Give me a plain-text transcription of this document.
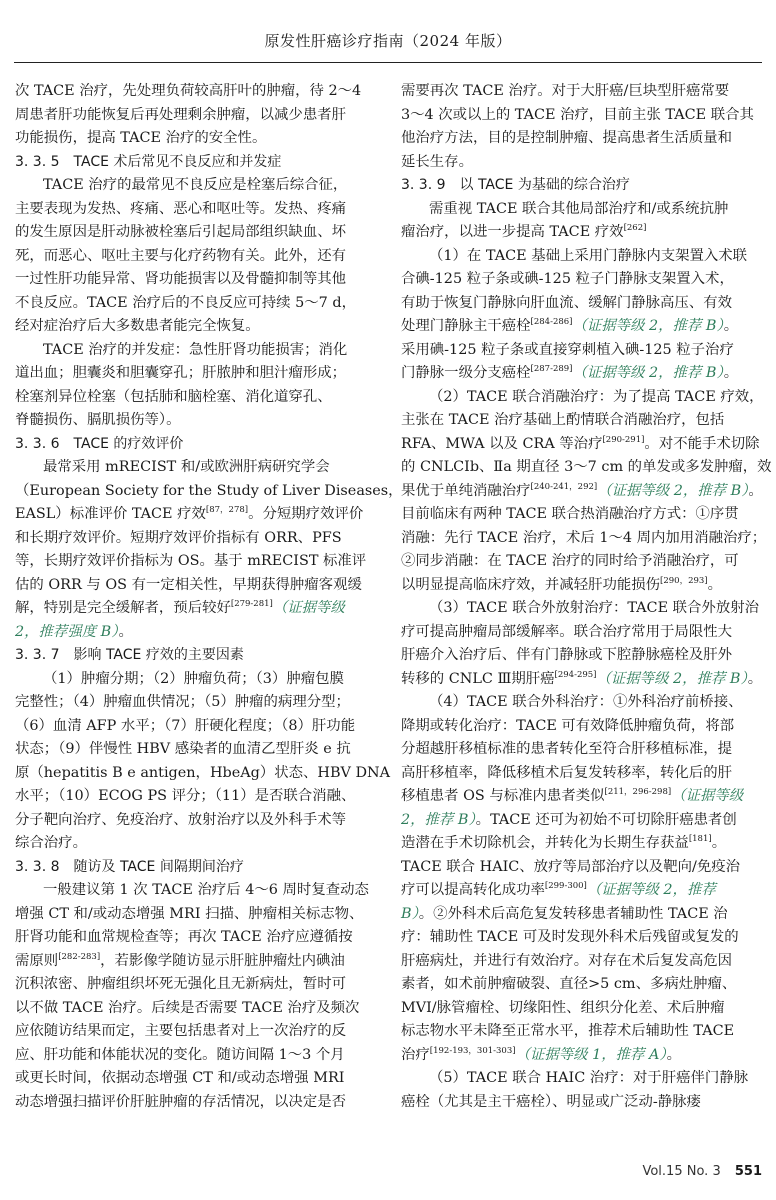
原发性肝癌诊疗指南（2024 年版）
次 TACE 治疗，先处理负荷较高肝叶的肿瘤，待 2～4
周患者肝功能恢复后再处理剩余肿瘤，以减少患者肝
功能损伤，提高 TACE 治疗的安全性。
3. 3. 5　TACE 术后常见不良反应和并发症
TACE 治疗的最常见不良反应是栓塞后综合征，
主要表现为发热、疼痛、恶心和呕吐等。发热、疼痛
的发生原因是肝动脉被栓塞后引起局部组织缺血、坏
死，而恶心、呕吐主要与化疗药物有关。此外，还有
一过性肝功能异常、肾功能损害以及骨髓抑制等其他
不良反应。TACE 治疗后的不良反应可持续 5～7 d，
经对症治疗后大多数患者能完全恢复。
TACE 治疗的并发症：急性肝肾功能损害；消化
道出血；胆囊炎和胆囊穿孔；肝脓肿和胆汁瘤形成；
栓塞剂异位栓塞（包括肺和脑栓塞、消化道穿孔、
脊髓损伤、膈肌损伤等）。
3. 3. 6　TACE 的疗效评价
最常采用 mRECIST 和/或欧洲肝病研究学会
（European Society for the Study of Liver Diseases，
EASL）标准评价 TACE 疗效[87，278]。分短期疗效评价
和长期疗效评价。短期疗效评价指标有 ORR、PFS
等，长期疗效评价指标为 OS。基于 mRECIST 标准评
估的 ORR 与 OS 有一定相关性，早期获得肿瘤客观缓
解，特别是完全缓解者，预后较好[279-281]（证据等级
2，推荐强度 B）。
3. 3. 7　影响 TACE 疗效的主要因素
（1）肿瘤分期；（2）肿瘤负荷；（3）肿瘤包膜
完整性；（4）肿瘤血供情况；（5）肿瘤的病理分型；
（6）血清 AFP 水平；（7）肝硬化程度；（8）肝功能
状态；（9）伴慢性 HBV 感染者的血清乙型肝炎 e 抗
原（hepatitis B e antigen，HbeAg）状态、HBV DNA
水平；（10）ECOG PS 评分；（11）是否联合消融、
分子靶向治疗、免疫治疗、放射治疗以及外科手术等
综合治疗。
3. 3. 8　随访及 TACE 间隔期间治疗
一般建议第 1 次 TACE 治疗后 4～6 周时复查动态
增强 CT 和/或动态增强 MRI 扫描、肿瘤相关标志物、
肝肾功能和血常规检查等；再次 TACE 治疗应遵循按
需原则[282-283]，若影像学随访显示肝脏肿瘤灶内碘油
沉积浓密、肿瘤组织坏死无强化且无新病灶，暂时可
以不做 TACE 治疗。后续是否需要 TACE 治疗及频次
应依随访结果而定，主要包括患者对上一次治疗的反
应、肝功能和体能状况的变化。随访间隔 1～3 个月
或更长时间，依据动态增强 CT 和/或动态增强 MRI
动态增强扫描评价肝脏肿瘤的存活情况，以决定是否
需要再次 TACE 治疗。对于大肝癌/巨块型肝癌常要
3～4 次或以上的 TACE 治疗，目前主张 TACE 联合其
他治疗方法，目的是控制肿瘤、提高患者生活质量和
延长生存。
3. 3. 9　以 TACE 为基础的综合治疗
需重视 TACE 联合其他局部治疗和/或系统抗肿
瘤治疗，以进一步提高 TACE 疗效[262]
（1）在 TACE 基础上采用门静脉内支架置入术联
合碘-125 粒子条或碘-125 粒子门静脉支架置入术，
有助于恢复门静脉向肝血流、缓解门静脉高压、有效
处理门静脉主干癌栓[284-286]（证据等级 2，推荐 B）。
采用碘-125 粒子条或直接穿刺植入碘-125 粒子治疗
门静脉一级分支癌栓[287-289]（证据等级 2，推荐 B）。
（2）TACE 联合消融治疗：为了提高 TACE 疗效，
主张在 TACE 治疗基础上酌情联合消融治疗，包括
RFA、MWA 以及 CRA 等治疗[290-291]。对不能手术切除
的 CNLCⅠb、Ⅱa 期直径 3～7 cm 的单发或多发肿瘤，效
果优于单纯消融治疗[240-241，292]（证据等级 2，推荐 B）。
目前临床有两种 TACE 联合热消融治疗方式：①序贯
消融：先行 TACE 治疗，术后 1～4 周内加用消融治疗；
②同步消融：在 TACE 治疗的同时给予消融治疗，可
以明显提高临床疗效，并减轻肝功能损伤[290，293]。
（3）TACE 联合外放射治疗：TACE 联合外放射治
疗可提高肿瘤局部缓解率。联合治疗常用于局限性大
肝癌介入治疗后、伴有门静脉或下腔静脉癌栓及肝外
转移的 CNLC Ⅲ期肝癌[294-295]（证据等级 2，推荐 B）。
（4）TACE 联合外科治疗：①外科治疗前桥接、
降期或转化治疗：TACE 可有效降低肿瘤负荷，将部
分超越肝移植标准的患者转化至符合肝移植标准，提
高肝移植率，降低移植术后复发转移率，转化后的肝
移植患者 OS 与标准内患者类似[211，296-298]（证据等级
2，推荐 B）。TACE 还可为初始不可切除肝癌患者创
造潜在手术切除机会，并转化为长期生存获益[181]。
TACE 联合 HAIC、放疗等局部治疗以及靶向/免疫治
疗可以提高转化成功率[299-300]（证据等级 2，推荐
B）。②外科术后高危复发转移患者辅助性 TACE 治
疗：辅助性 TACE 可及时发现外科术后残留或复发的
肝癌病灶，并进行有效治疗。对存在术后复发高危因
素者，如术前肿瘤破裂、直径>5 cm、多病灶肿瘤、
MVI/脉管瘤栓、切缘阳性、组织分化差、术后肿瘤
标志物水平未降至正常水平，推荐术后辅助性 TACE
治疗[192-193，301-303]（证据等级 1，推荐 A）。
（5）TACE 联合 HAIC 治疗：对于肝癌伴门静脉
癌栓（尤其是主干癌栓）、明显或广泛动-静脉瘘
Vol.15 No. 3 551
